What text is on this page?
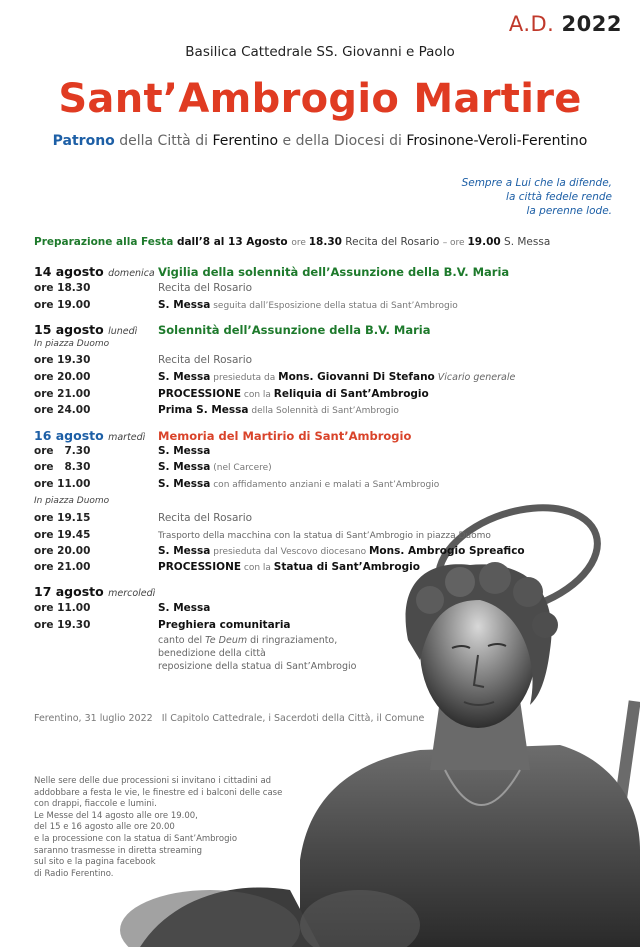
A.D. 2022
Basilica Cattedrale SS. Giovanni e Paolo
Sant’Ambrogio Martire
Patrono della Città di Ferentino e della Diocesi di Frosinone-Veroli-Ferentino
Sempre a Lui che la difende,
la città fedele rende
la perenne lode.
Preparazione alla Festa dall’8 al 13 Agosto ore 18.30 Recita del Rosario – ore 19.00 S. Messa
14 agosto domenica Vigilia della solennità dell’Assunzione della B.V. Maria
ore 18.30	Recita del Rosario
ore 19.00	S. Messa seguita dall’Esposizione della statua di Sant’Ambrogio
15 agosto lunedì Solennità dell’Assunzione della B.V. Maria
In piazza Duomo
ore 19.30	Recita del Rosario
ore 20.00	S. Messa presieduta da Mons. Giovanni Di Stefano Vicario generale
ore 21.00	PROCESSIONE con la Reliquia di Sant’Ambrogio
ore 24.00	Prima S. Messa della Solennità di Sant’Ambrogio
16 agosto martedì Memoria del Martirio di Sant’Ambrogio
ore   7.30	S. Messa
ore   8.30	S. Messa (nel Carcere)
ore 11.00	S. Messa con affidamento anziani e malati a Sant’Ambrogio
In piazza Duomo
ore 19.15	Recita del Rosario
ore 19.45	Trasporto della macchina con la statua di Sant’Ambrogio in piazza Duomo
ore 20.00	S. Messa presieduta dal Vescovo diocesano Mons. Ambrogio Spreafico
ore 21.00	PROCESSIONE con la Statua di Sant’Ambrogio
17 agosto mercoledì
ore 11.00	S. Messa
ore 19.30	Preghiera comunitaria
canto del Te Deum di ringraziamento,
benedizione della città
reposizione della statua di Sant’Ambrogio
Ferentino, 31 luglio 2022   Il Capitolo Cattedrale, i Sacerdoti della Città, il Comune
Nelle sere delle due processioni si invitano i cittadini ad
addobbare a festa le vie, le finestre ed i balconi delle case
con drappi, fiaccole e lumini.
Le Messe del 14 agosto alle ore 19.00,
del 15 e 16 agosto alle ore 20.00
e la processione con la statua di Sant’Ambrogio
saranno trasmesse in diretta streaming
sul sito e la pagina facebook
di Radio Ferentino.
